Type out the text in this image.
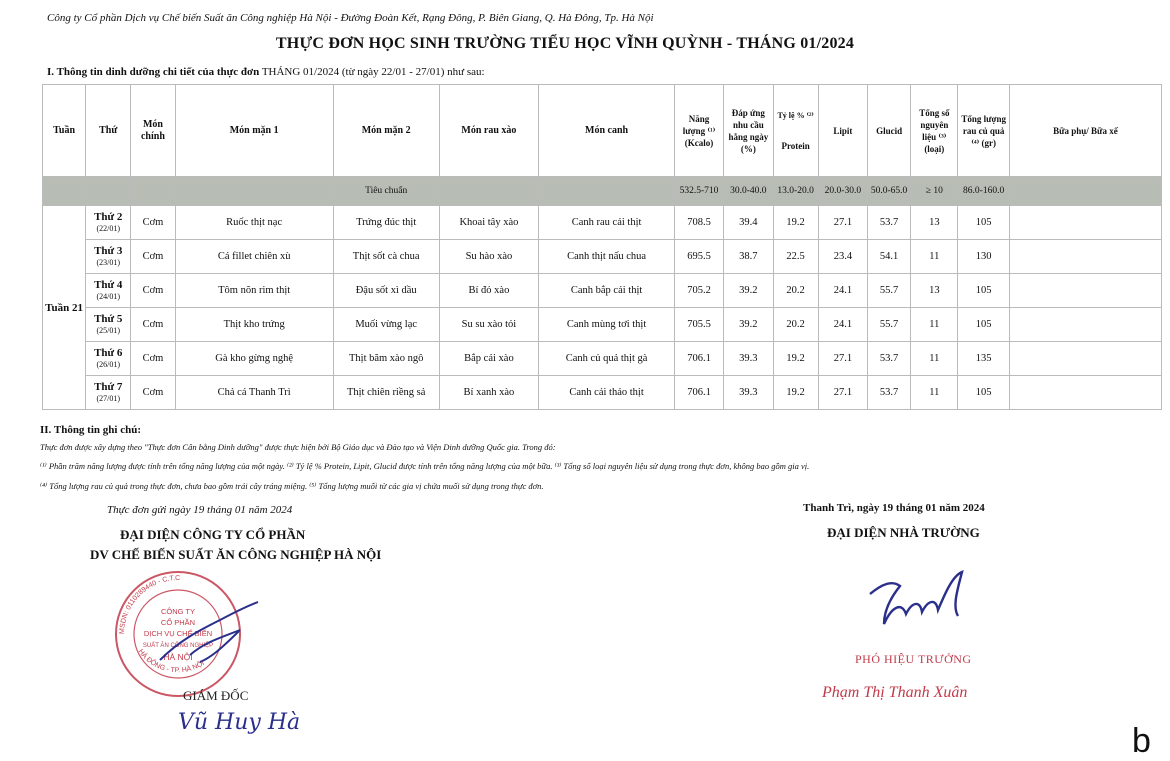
Công ty Cổ phần Dịch vụ Chế biến Suất ăn Công nghiệp Hà Nội - Đường Đoàn Kết, Rạng Đông, P. Biên Giang, Q. Hà Đông, Tp. Hà Nội
THỰC ĐƠN HỌC SINH TRƯỜNG TIỂU HỌC VĨNH QUỲNH - THÁNG 01/2024
I. Thông tin dinh dưỡng chi tiết của thực đơn THÁNG 01/2024 (từ ngày 22/01 - 27/01) như sau:
Tuần	Thứ	Món chính	Món mặn 1	Món mặn 2	Món rau xào	Món canh	Năng lượng ⁽¹⁾ (Kcalo)	Đáp ứng nhu cầu hằng ngày (%)	Tỷ lệ % ⁽²⁾
Protein	Lipit	Glucid	Tổng số nguyên liệu ⁽³⁾ (loại)	Tổng lượng rau củ quả ⁽⁴⁾ (gr)	Bữa phụ/ Bữa xế
				Tiêu chuẩn			532.5-710	30.0-40.0	13.0-20.0	20.0-30.0	50.0-65.0	≥ 10	86.0-160.0	
Tuần 21	Thứ 2
(22/01)	Cơm	Ruốc thịt nạc	Trứng đúc thịt	Khoai tây xào	Canh rau cải thịt	708.5	39.4	19.2	27.1	53.7	13	105	
	Thứ 3
(23/01)	Cơm	Cá fillet chiên xù	Thịt sốt cà chua	Su hào xào	Canh thịt nấu chua	695.5	38.7	22.5	23.4	54.1	11	130	
	Thứ 4
(24/01)	Cơm	Tôm nõn rim thịt	Đậu sốt xì dầu	Bí đỏ xào	Canh bắp cải thịt	705.2	39.2	20.2	24.1	55.7	13	105	
	Thứ 5
(25/01)	Cơm	Thịt kho trứng	Muối vừng lạc	Su su xào tỏi	Canh mùng tơi thịt	705.5	39.2	20.2	24.1	55.7	11	105	
	Thứ 6
(26/01)	Cơm	Gà kho gừng nghệ	Thịt băm xào ngô	Bắp cải xào	Canh củ quả thịt gà	706.1	39.3	19.2	27.1	53.7	11	135	
	Thứ 7
(27/01)	Cơm	Chả cá Thanh Trì	Thịt chiên riềng sả	Bí xanh xào	Canh cải thảo thịt	706.1	39.3	19.2	27.1	53.7	11	105	
II. Thông tin ghi chú:
Thực đơn được xây dựng theo "Thực đơn Cân bằng Dinh dưỡng" được thực hiện bởi Bộ Giáo dục và Đào tạo và Viện Dinh dưỡng Quốc gia. Trong đó:
⁽¹⁾ Phần trăm năng lượng được tính trên tổng năng lượng của một ngày. ⁽²⁾ Tỷ lệ % Protein, Lipit, Glucid được tính trên tổng năng lượng của một bữa. ⁽³⁾ Tổng số loại nguyên liệu sử dụng trong thực đơn, không bao gồm gia vị.
⁽⁴⁾ Tổng lượng rau củ quả trong thực đơn, chưa bao gồm trái cây tráng miệng. ⁽⁵⁾ Tổng lượng muối từ các gia vị chứa muối sử dụng trong thực đơn.
Thực đơn gửi ngày 19 tháng 01 năm 2024	Thanh Trì, ngày 19 tháng 01 năm 2024
ĐẠI DIỆN CÔNG TY CỔ PHẦN
DV CHẾ BIẾN SUẤT ĂN CÔNG NGHIỆP HÀ NỘI
ĐẠI DIỆN NHÀ TRƯỜNG
MSDN: 0110289440 - C.T.C
HÀ ĐÔNG - TP. HÀ NỘI
CÔNG TY
CỔ PHẦN
DỊCH VỤ CHẾ BIẾN
SUẤT ĂN CÔNG NGHIỆP
HÀ NỘI
GIÁM ĐỐC
Vũ Huy Hà
PHÓ HIỆU TRƯỞNG
Phạm Thị Thanh Xuân
b
